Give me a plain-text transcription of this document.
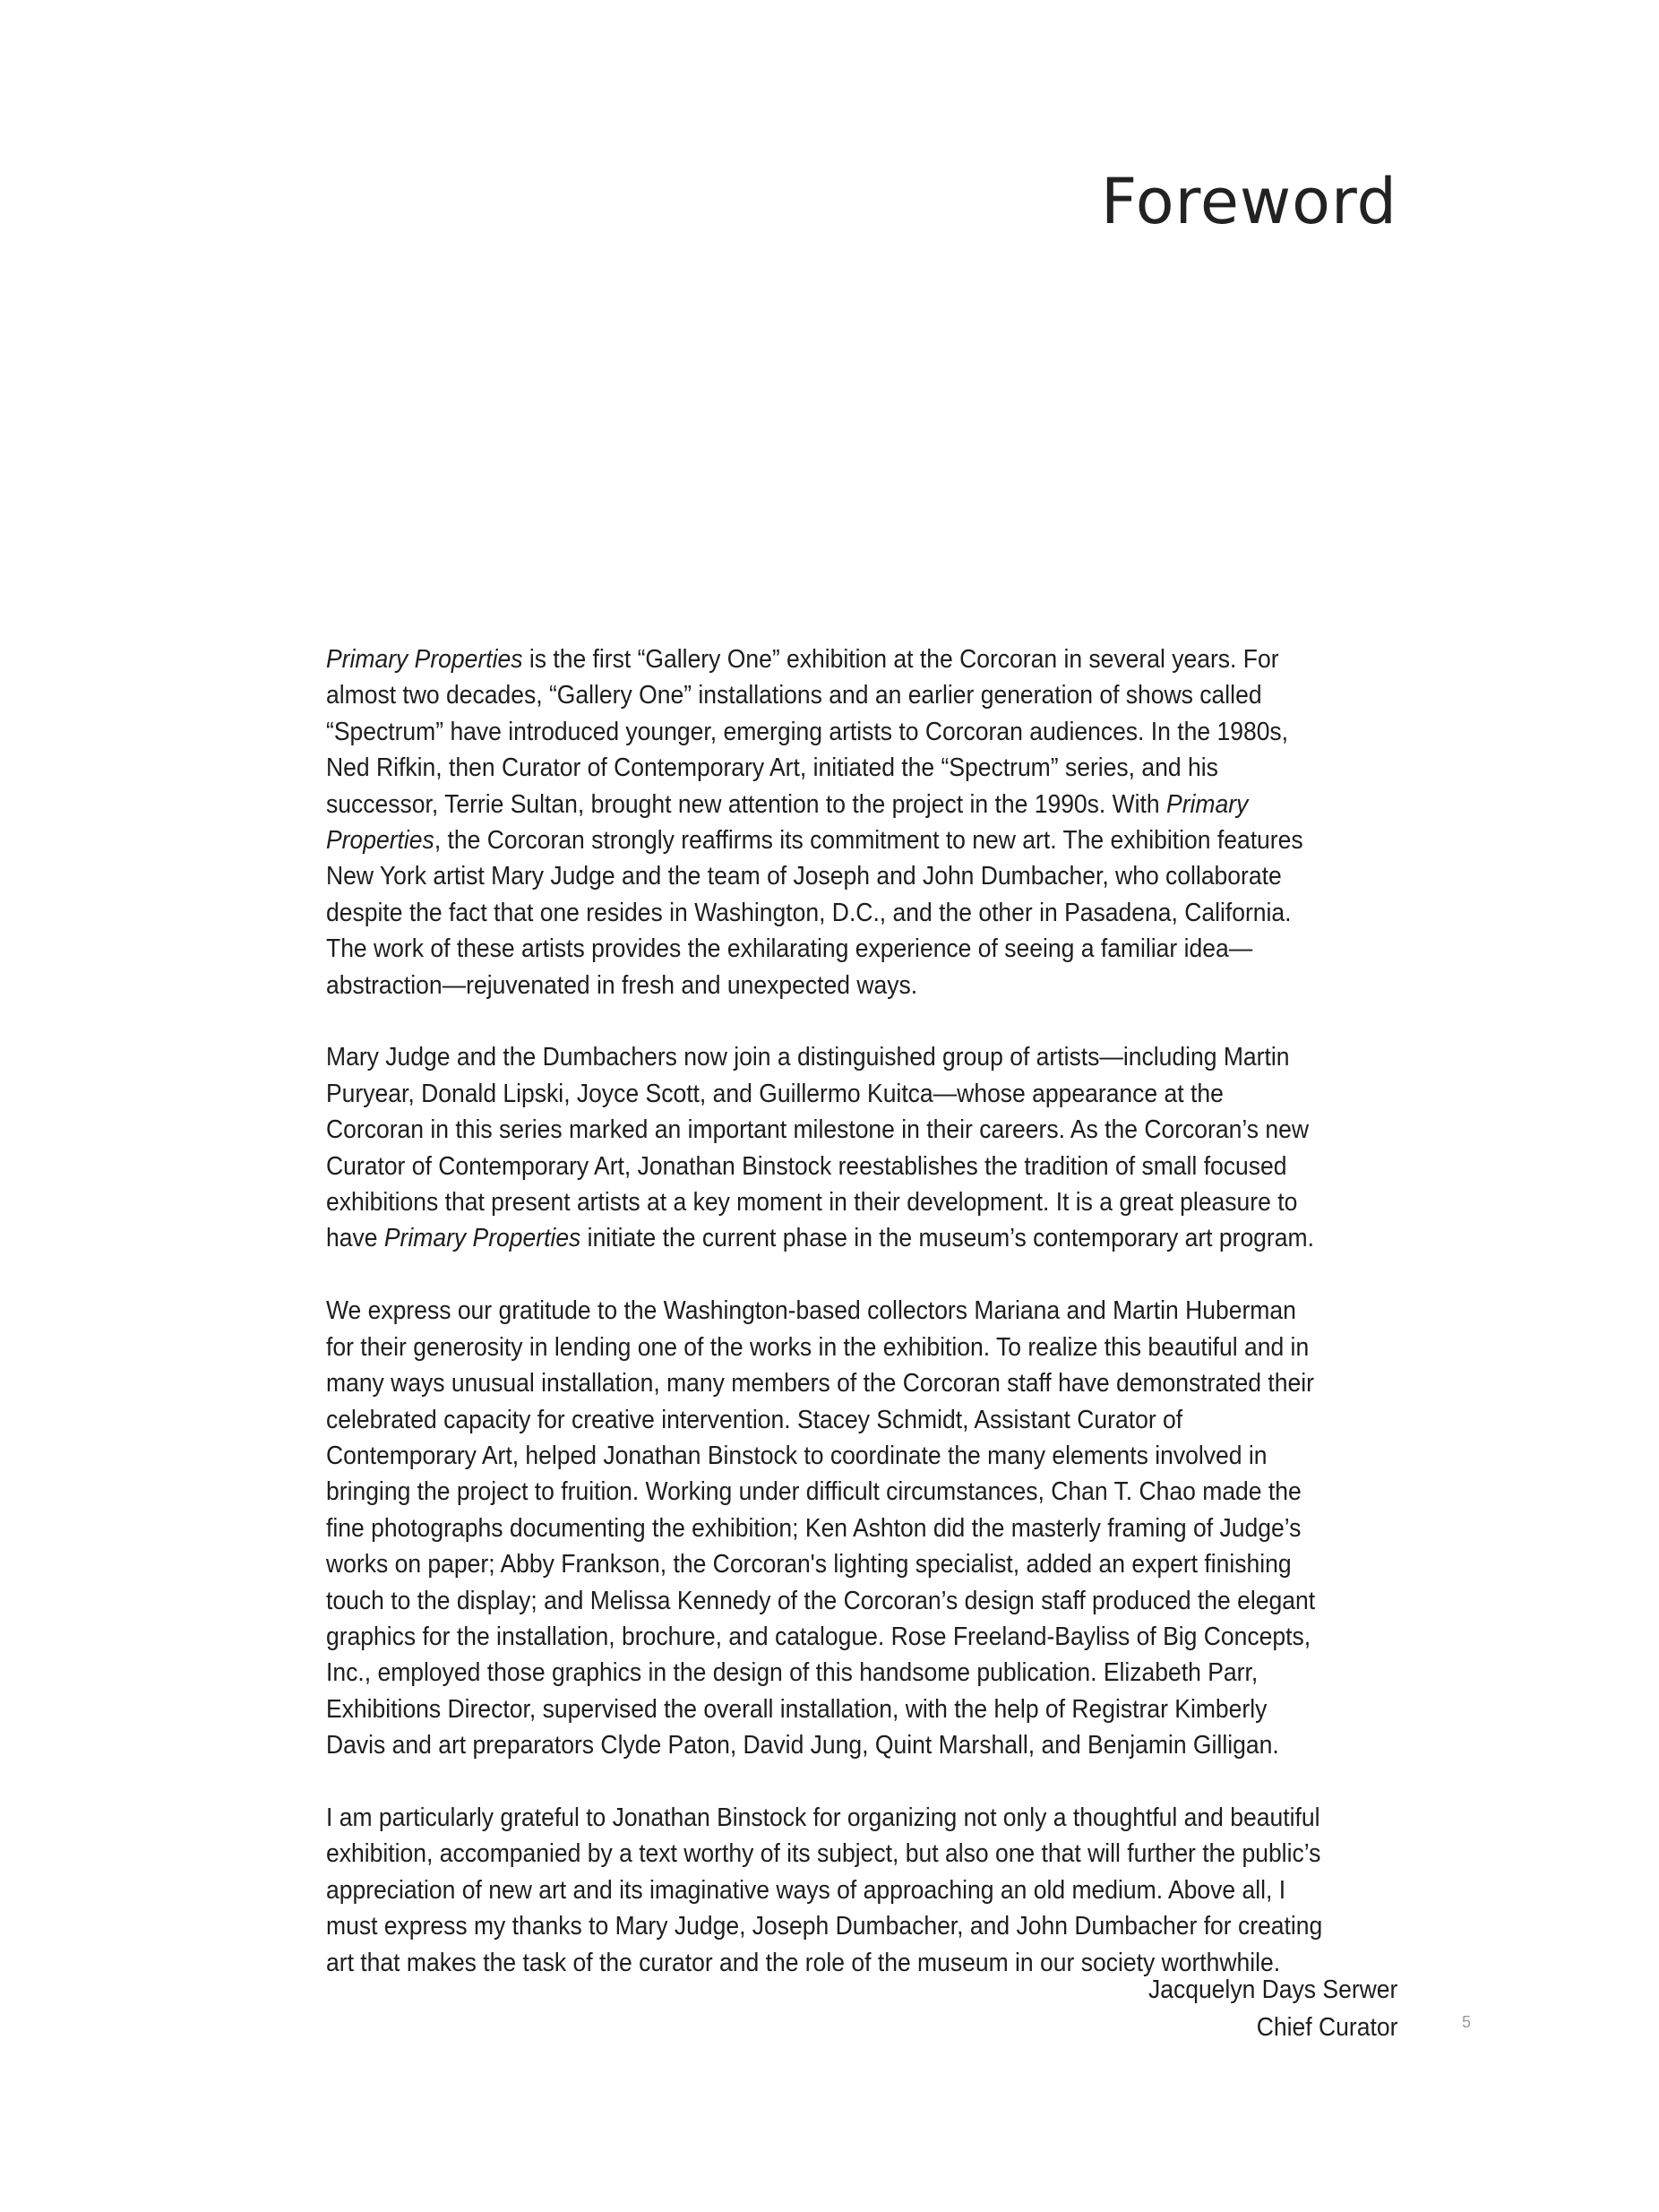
Foreword

Primary Properties is the first “Gallery One” exhibition at the Corcoran in several years. For almost two decades, “Gallery One” installations and an earlier generation of shows called “Spectrum” have introduced younger, emerging artists to Corcoran audiences. In the 1980s, Ned Rifkin, then Curator of Contemporary Art, initiated the “Spectrum” series, and his successor, Terrie Sultan, brought new attention to the project in the 1990s. With Primary Properties, the Corcoran strongly reaffirms its commitment to new art. The exhibition features New York artist Mary Judge and the team of Joseph and John Dumbacher, who collaborate despite the fact that one resides in Washington, D.C., and the other in Pasadena, California. The work of these artists provides the exhilarating experience of seeing a familiar idea—abstraction—rejuvenated in fresh and unexpected ways.

Mary Judge and the Dumbachers now join a distinguished group of artists—including Martin Puryear, Donald Lipski, Joyce Scott, and Guillermo Kuitca—whose appearance at the Corcoran in this series marked an important milestone in their careers. As the Corcoran’s new Curator of Contemporary Art, Jonathan Binstock reestablishes the tradition of small focused exhibitions that present artists at a key moment in their development. It is a great pleasure to have Primary Properties initiate the current phase in the museum’s contemporary art program.

We express our gratitude to the Washington-based collectors Mariana and Martin Huberman for their generosity in lending one of the works in the exhibition. To realize this beautiful and in many ways unusual installation, many members of the Corcoran staff have demonstrated their celebrated capacity for creative intervention. Stacey Schmidt, Assistant Curator of Contemporary Art, helped Jonathan Binstock to coordinate the many elements involved in bringing the project to fruition. Working under difficult circumstances, Chan T. Chao made the fine photographs documenting the exhibition; Ken Ashton did the masterly framing of Judge’s works on paper; Abby Frankson, the Corcoran's lighting specialist, added an expert finishing touch to the display; and Melissa Kennedy of the Corcoran’s design staff produced the elegant graphics for the installation, brochure, and catalogue. Rose Freeland-Bayliss of Big Concepts, Inc., employed those graphics in the design of this handsome publication. Elizabeth Parr, Exhibitions Director, supervised the overall installation, with the help of Registrar Kimberly Davis and art preparators Clyde Paton, David Jung, Quint Marshall, and Benjamin Gilligan.

I am particularly grateful to Jonathan Binstock for organizing not only a thoughtful and beautiful exhibition, accompanied by a text worthy of its subject, but also one that will further the public’s appreciation of new art and its imaginative ways of approaching an old medium. Above all, I must express my thanks to Mary Judge, Joseph Dumbacher, and John Dumbacher for creating art that makes the task of the curator and the role of the museum in our society worthwhile.

Jacquelyn Days Serwer
Chief Curator	5
